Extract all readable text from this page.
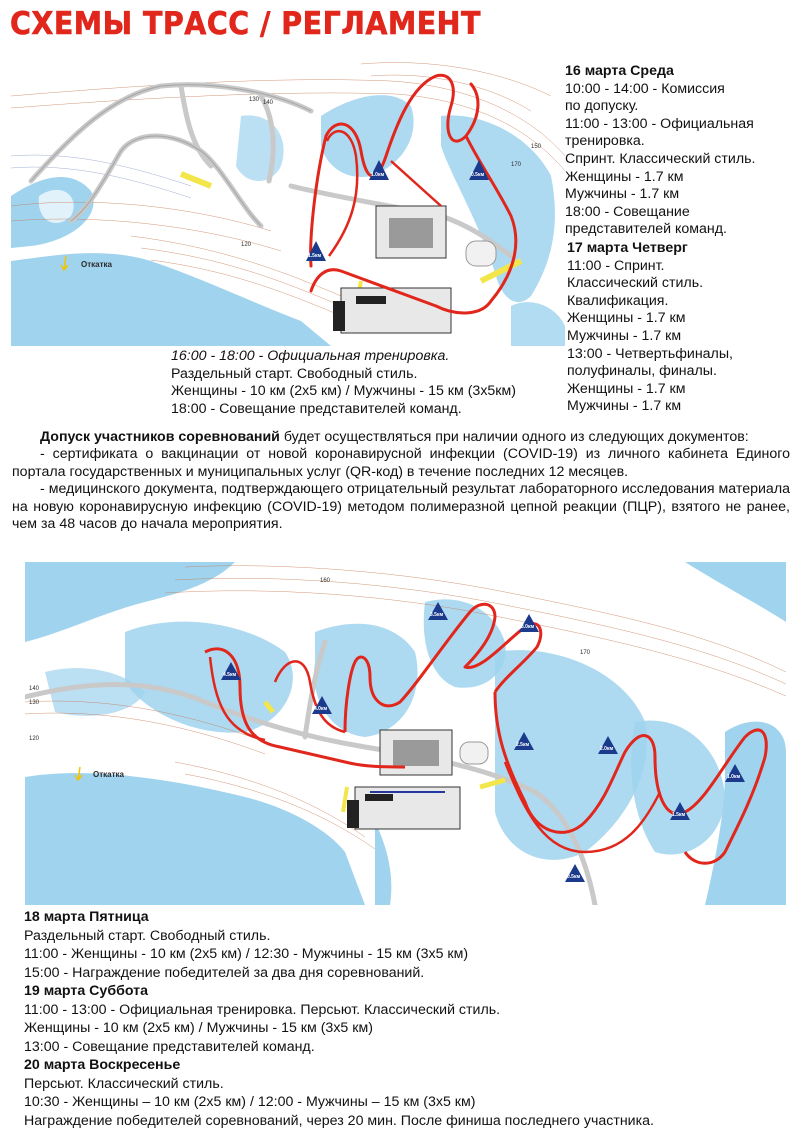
СХЕМЫ ТРАСС / РЕГЛАМЕНТ
140
150
120
130
170
1.0км	0.5км
1.5км
Откатка
16 марта Среда
10:00 - 14:00 - Комиссия
по допуску.
11:00 - 13:00 - Официальная
тренировка.
Спринт. Классический стиль.
Женщины - 1.7 км
Мужчины - 1.7 км
18:00 - Совещание
представителей команд.
17 марта Четверг
11:00 - Спринт.
Классический стиль.
Квалификация.
Женщины - 1.7 км
Мужчины - 1.7 км
13:00 - Четвертьфиналы,
полуфиналы, финалы.
Женщины - 1.7 км
Мужчины - 1.7 км
16:00 - 18:00 - Официальная тренировка.
Раздельный старт. Свободный стиль.
Женщины - 10 км (2х5 км) / Мужчины - 15 км (3х5км)
18:00 - Совещание представителей команд.

Допуск участников соревнований будет осуществляться при наличии одного из следующих документов:

- сертификата о вакцинации от новой коронавирусной инфекции (COVID-19) из личного кабинета Единого портала государственных и муниципальных услуг (QR-код) в течение последних 12 месяцев.

- медицинского документа, подтверждающего отрицательный результат лабораторного исследования материала на новую коронавирусную инфекцию (COVID-19) методом полимеразной цепной реакции (ПЦР), взятого не ранее, чем за 48 часов до начала мероприятия.

140
130
120
160
170
3.5км
3.0км
4.5км
4.0км
2.5км
2.0км
1.5км
1.0км
0.5км
Откатка
18 марта Пятница
Раздельный старт. Свободный стиль.
11:00 - Женщины - 10 км (2х5 км) / 12:30 - Мужчины - 15 км (3х5 км)
15:00 - Награждение победителей за два дня соревнований.
19 марта Суббота
11:00 - 13:00 - Официальная тренировка. Персьют. Классический стиль.
Женщины - 10 км (2х5 км) / Мужчины - 15 км (3х5 км)
13:00 - Совещание представителей команд.
20 марта Воскресенье
Персьют. Классический стиль.
10:30 - Женщины – 10 км (2х5 км) / 12:00 - Мужчины – 15 км (3х5 км)
Награждение победителей соревнований, через 20 мин. После финиша последнего участника.
